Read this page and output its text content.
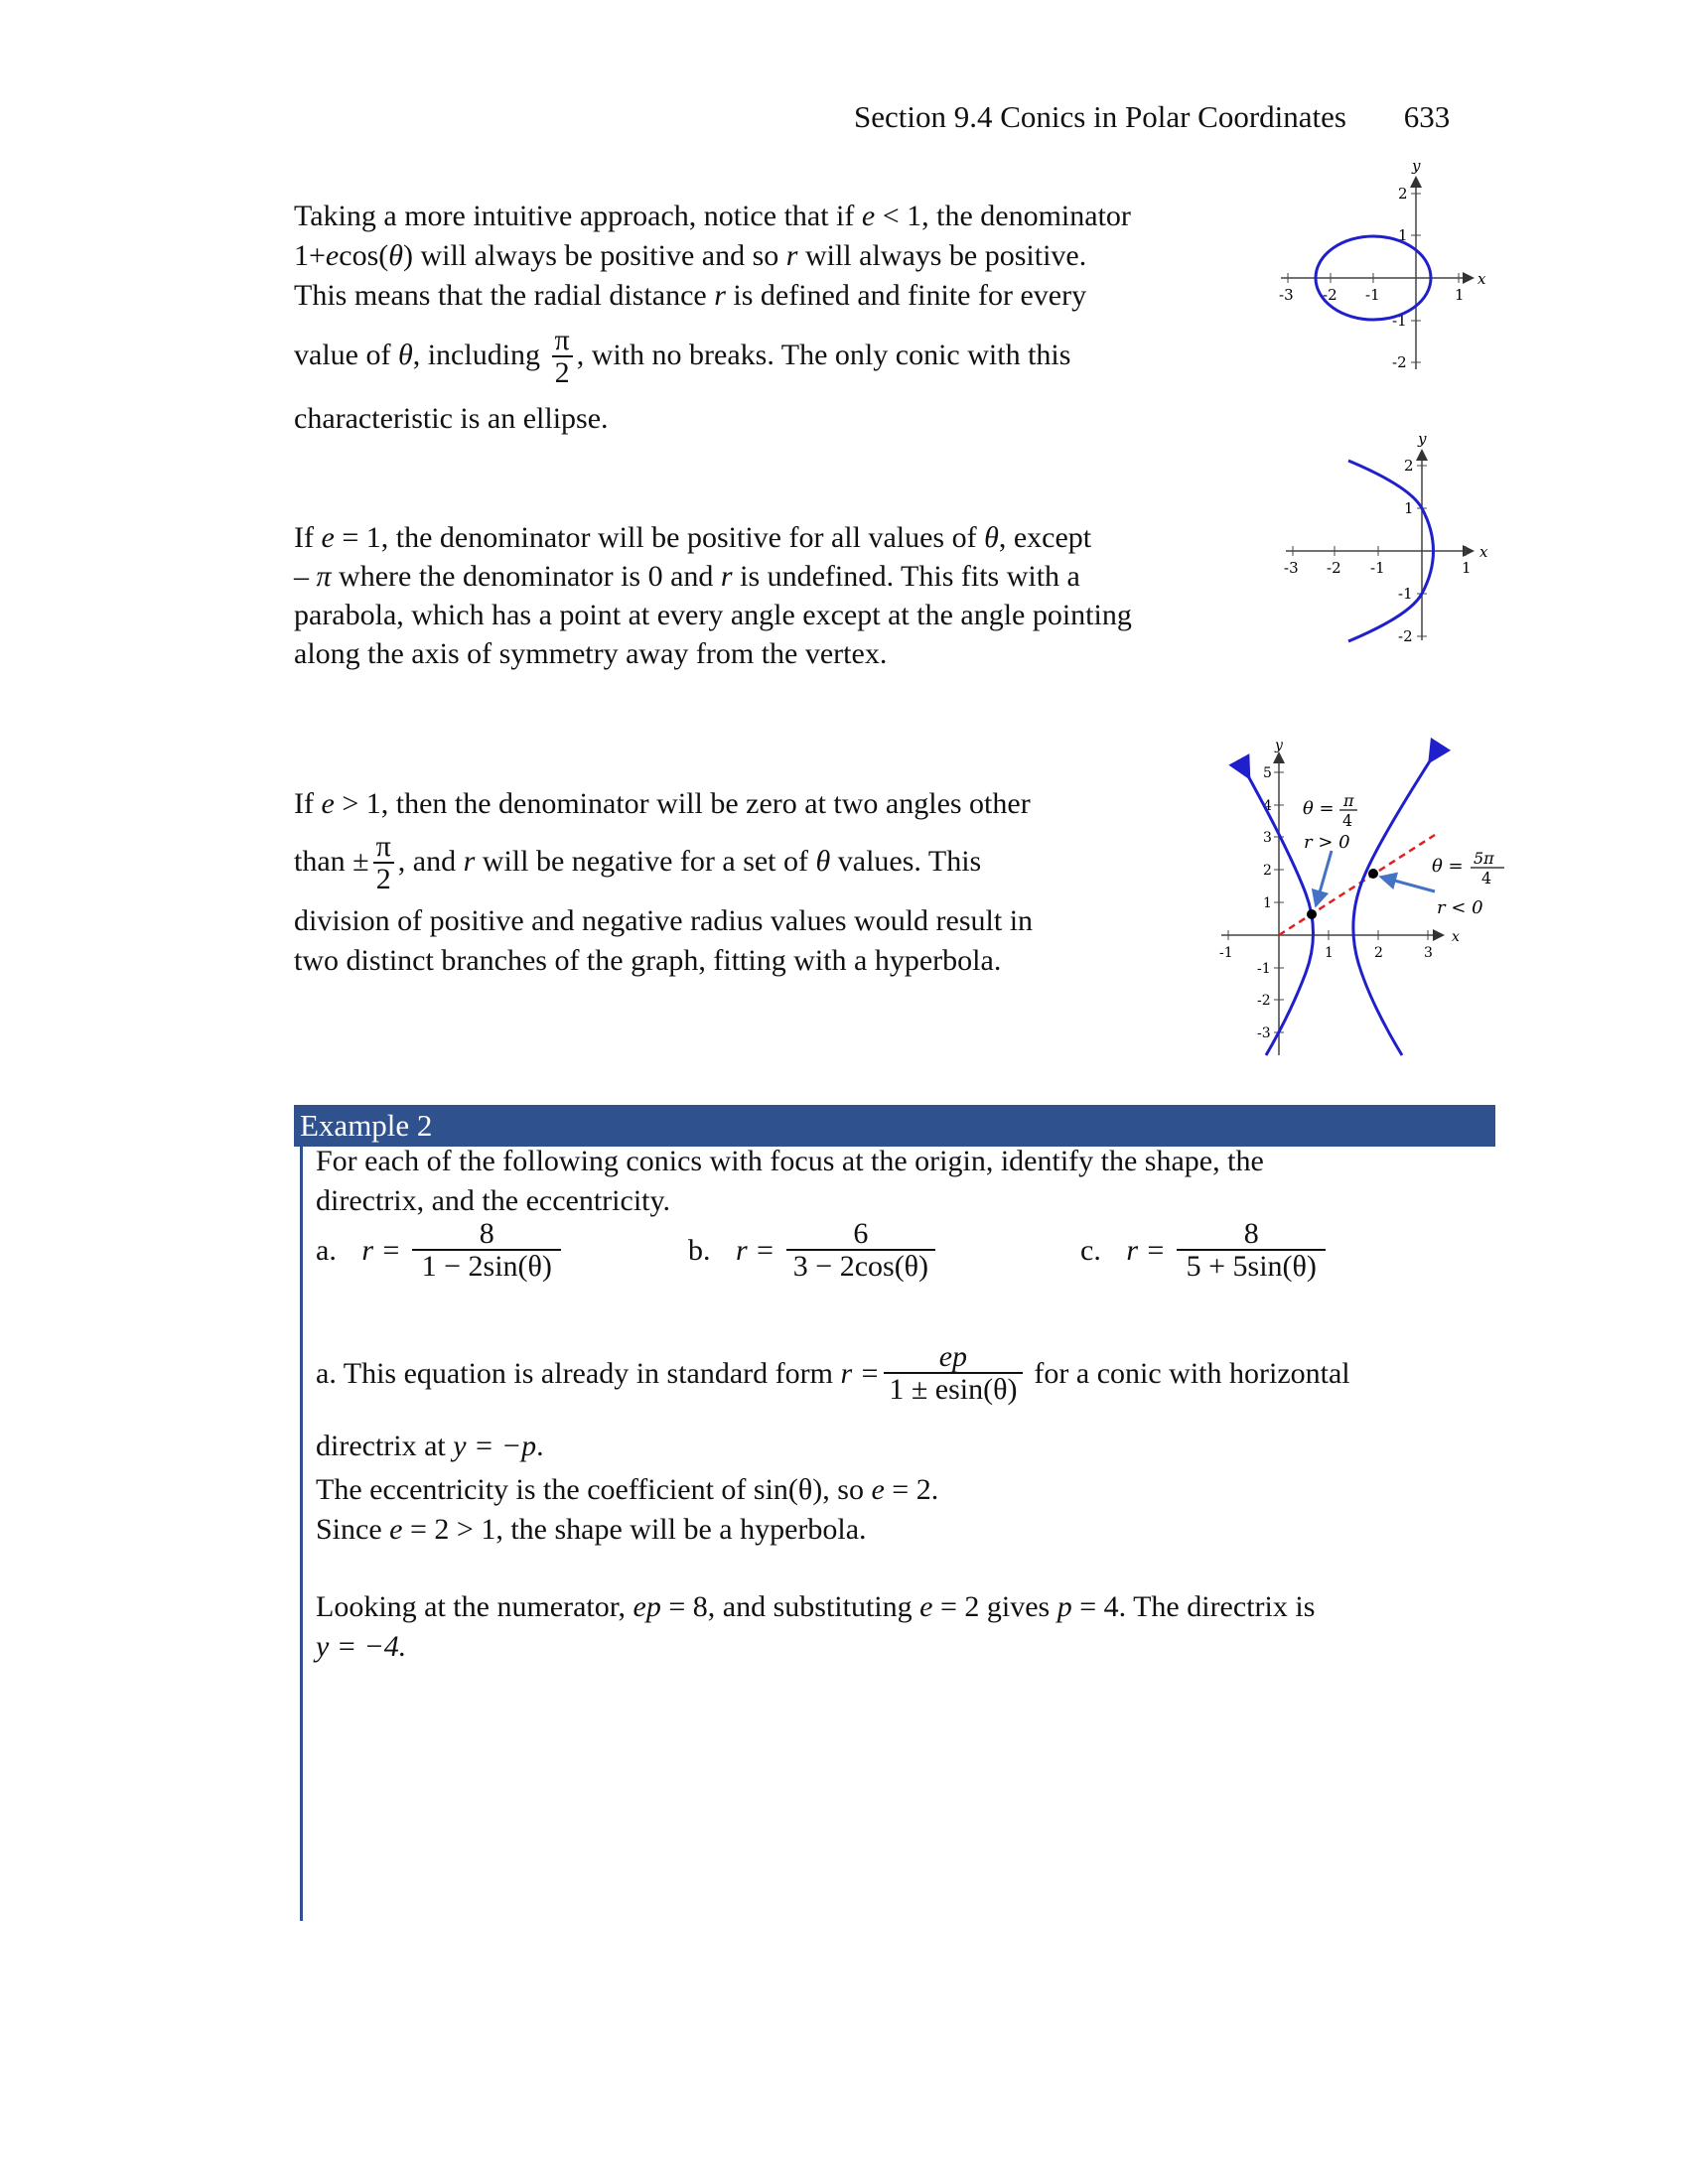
Section 9.4 Conics in Polar Coordinates 633
Taking a more intuitive approach, notice that if e < 1, the denominator
1+ecos(θ) will always be positive and so r will always be positive.
This means that the radial distance r is defined and finite for every
value of θ, including $\frac{\pi}{2}$ , with no breaks. The only conic with this
characteristic is an ellipse.
If e = 1, the denominator will be positive for all values of θ, except
– π where the denominator is 0 and r is undefined. This fits with a
parabola, which has a point at every angle except at the angle pointing
along the axis of symmetry away from the vertex.
If e > 1, then the denominator will be zero at two angles other
than ± $\frac{\pi}{2}$ , and r will be negative for a set of θ values. This
division of positive and negative radius values would result in
two distinct branches of the graph, fitting with a hyperbola.
-3 -2 -1	1
2
1
-1
-2
x
y
-3 -2 -1	1
2
1
-1
-2
x
y
-1	1	2	3
5
4
3
2
1
-1
-2
-3
x
y
θ = π
4
r > 0
θ = 5π
4
r < 0
Example 2
For each of the following conics with focus at the origin, identify the shape, the
directrix, and the eccentricity.
a. $r = \frac{8}{1 - 2\sin(\theta)}$	b. $r = \frac{6}{3 - 2\cos(\theta)}$	c. $r = \frac{8}{5 + 5\sin(\theta)}$
a. This equation is already in standard form $r = \frac{ep}{1 \pm esin(\theta)}$ for a conic with horizontal
directrix at y = −p.
The eccentricity is the coefficient of sin(θ), so e = 2.
Since e = 2 > 1, the shape will be a hyperbola.
Looking at the numerator, ep = 8, and substituting e = 2 gives p = 4. The directrix is
y = −4.
